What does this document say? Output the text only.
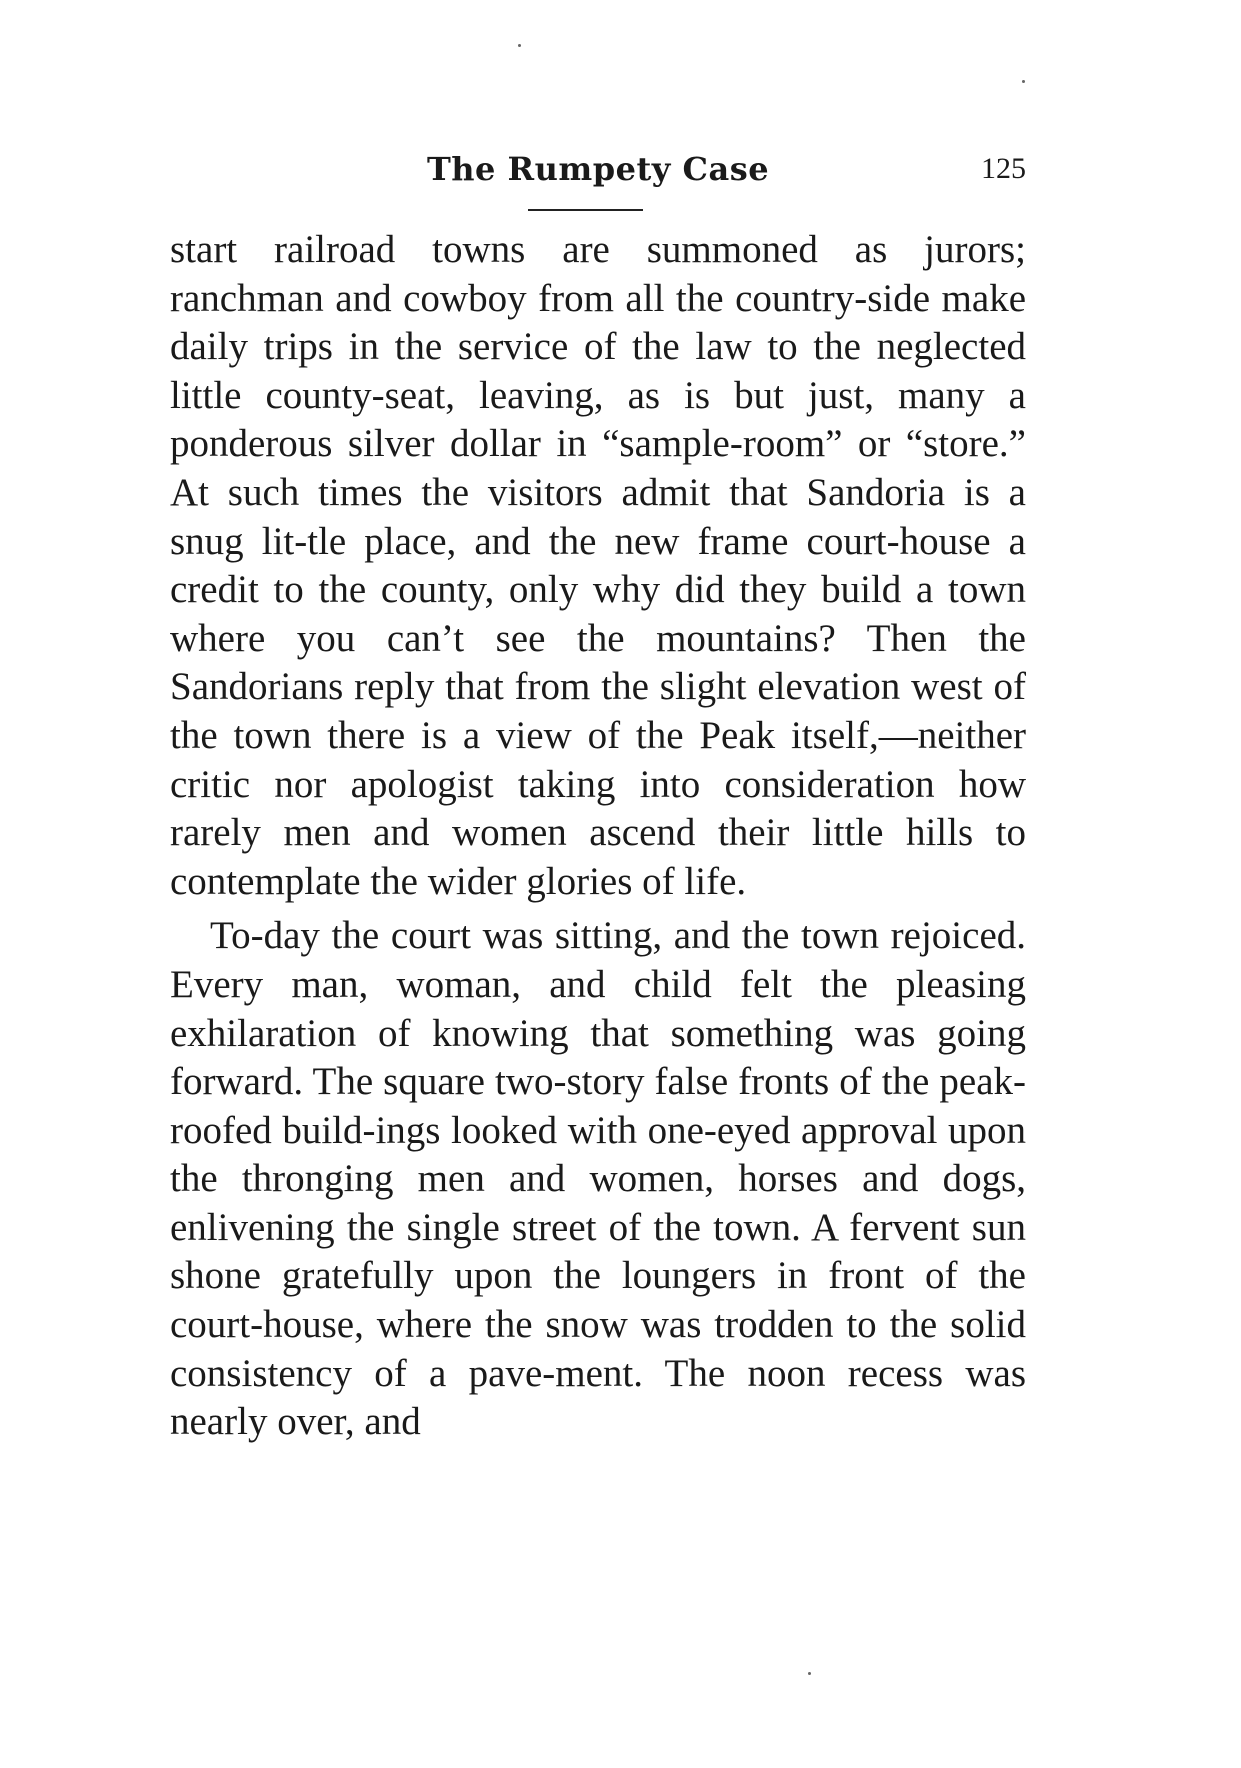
The Rumpety Case	125

start railroad towns are summoned as jurors; ranchman and cowboy from all the country-side make daily trips in the service of the law to the neglected little county-seat, leaving, as is but just, many a ponderous silver dollar in “sample-room” or “store.” At such times the visitors admit that Sandoria is a snug lit-tle place, and the new frame court-house a credit to the county, only why did they build a town where you can’t see the mountains? Then the Sandorians reply that from the slight elevation west of the town there is a view of the Peak itself,—neither critic nor apologist taking into consideration how rarely men and women ascend their little hills to contemplate the wider glories of life.

To-day the court was sitting, and the town rejoiced. Every man, woman, and child felt the pleasing exhilaration of knowing that something was going forward. The square two-story false fronts of the peak-roofed build-ings looked with one-eyed approval upon the thronging men and women, horses and dogs, enlivening the single street of the town. A fervent sun shone gratefully upon the loungers in front of the court-house, where the snow was trodden to the solid consistency of a pave-ment. The noon recess was nearly over, and
